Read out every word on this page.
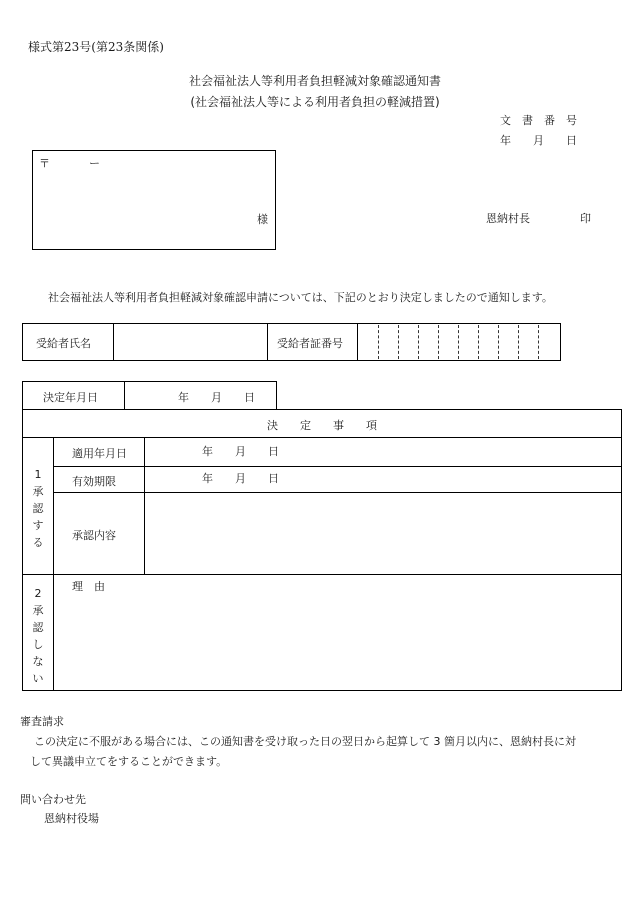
様式第23号(第23条関係)
社会福祉法人等利用者負担軽減対象確認通知書
(社会福祉法人等による利用者負担の軽減措置)
文　書　番　号
年　　月　　日
〒	ー
様	恩納村長	印
社会福祉法人等利用者負担軽減対象確認申請については、下記のとおり決定しましたので通知します。
受給者氏名	受給者証番号
決定年月日	年　　月　　日
決　　定　　事　　項
1承認する
適用年月日	年　　月　　日
有効期限	年　　月　　日
承認内容
2承認しない
理　由
審査請求
この決定に不服がある場合には、この通知書を受け取った日の翌日から起算して 3 箇月以内に、恩納村長に対
して異議申立てをすることができます。
問い合わせ先
恩納村役場
